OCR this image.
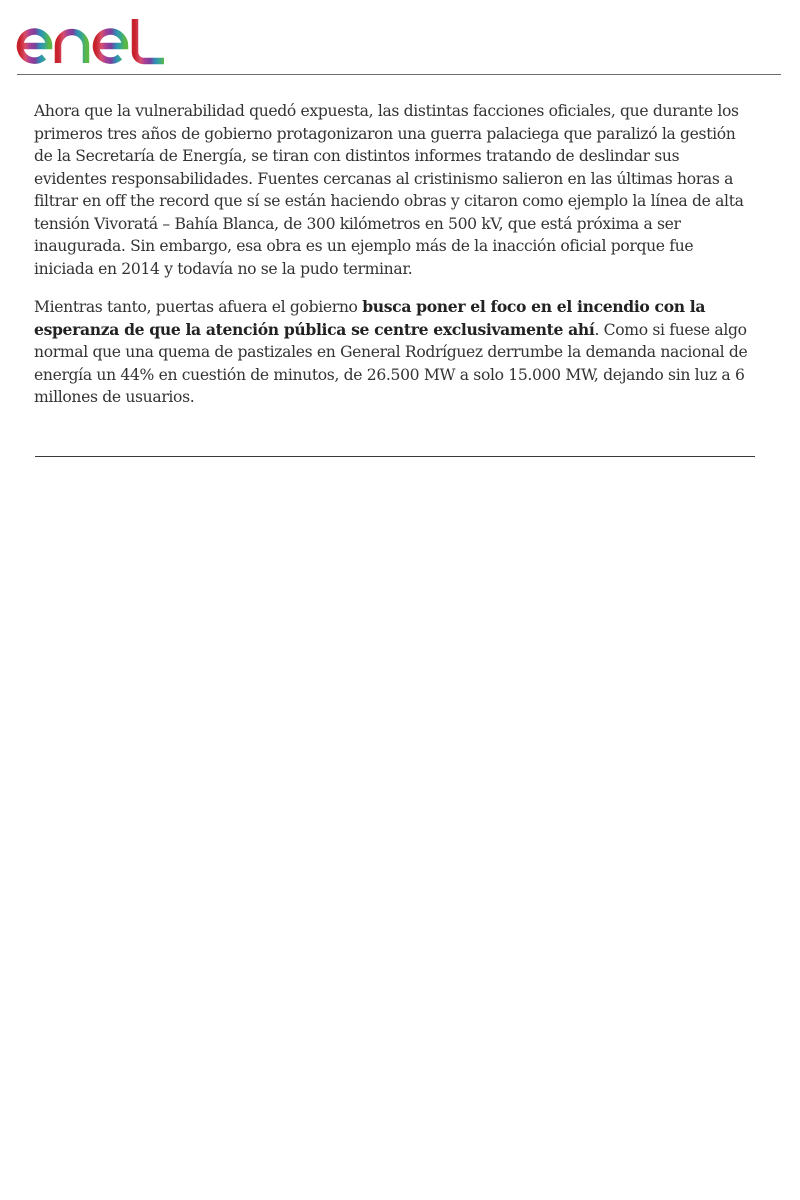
Ahora que la vulnerabilidad quedó expuesta, las distintas facciones oficiales, que durante los primeros tres años de gobierno protagonizaron una guerra palaciega que paralizó la gestión de la Secretaría de Energía, se tiran con distintos informes tratando de deslindar sus evidentes responsabilidades. Fuentes cercanas al cristinismo salieron en las últimas horas a filtrar en off the record que sí se están haciendo obras y citaron como ejemplo la línea de alta tensión Vivoratá – Bahía Blanca, de 300 kilómetros en 500 kV, que está próxima a ser inaugurada. Sin embargo, esa obra es un ejemplo más de la inacción oficial porque fue iniciada en 2014 y todavía no se la pudo terminar.

Mientras tanto, puertas afuera el gobierno busca poner el foco en el incendio con la esperanza de que la atención pública se centre exclusivamente ahí. Como si fuese algo normal que una quema de pastizales en General Rodríguez derrumbe la demanda nacional de energía un 44% en cuestión de minutos, de 26.500 MW a solo 15.000 MW, dejando sin luz a 6 millones de usuarios.
